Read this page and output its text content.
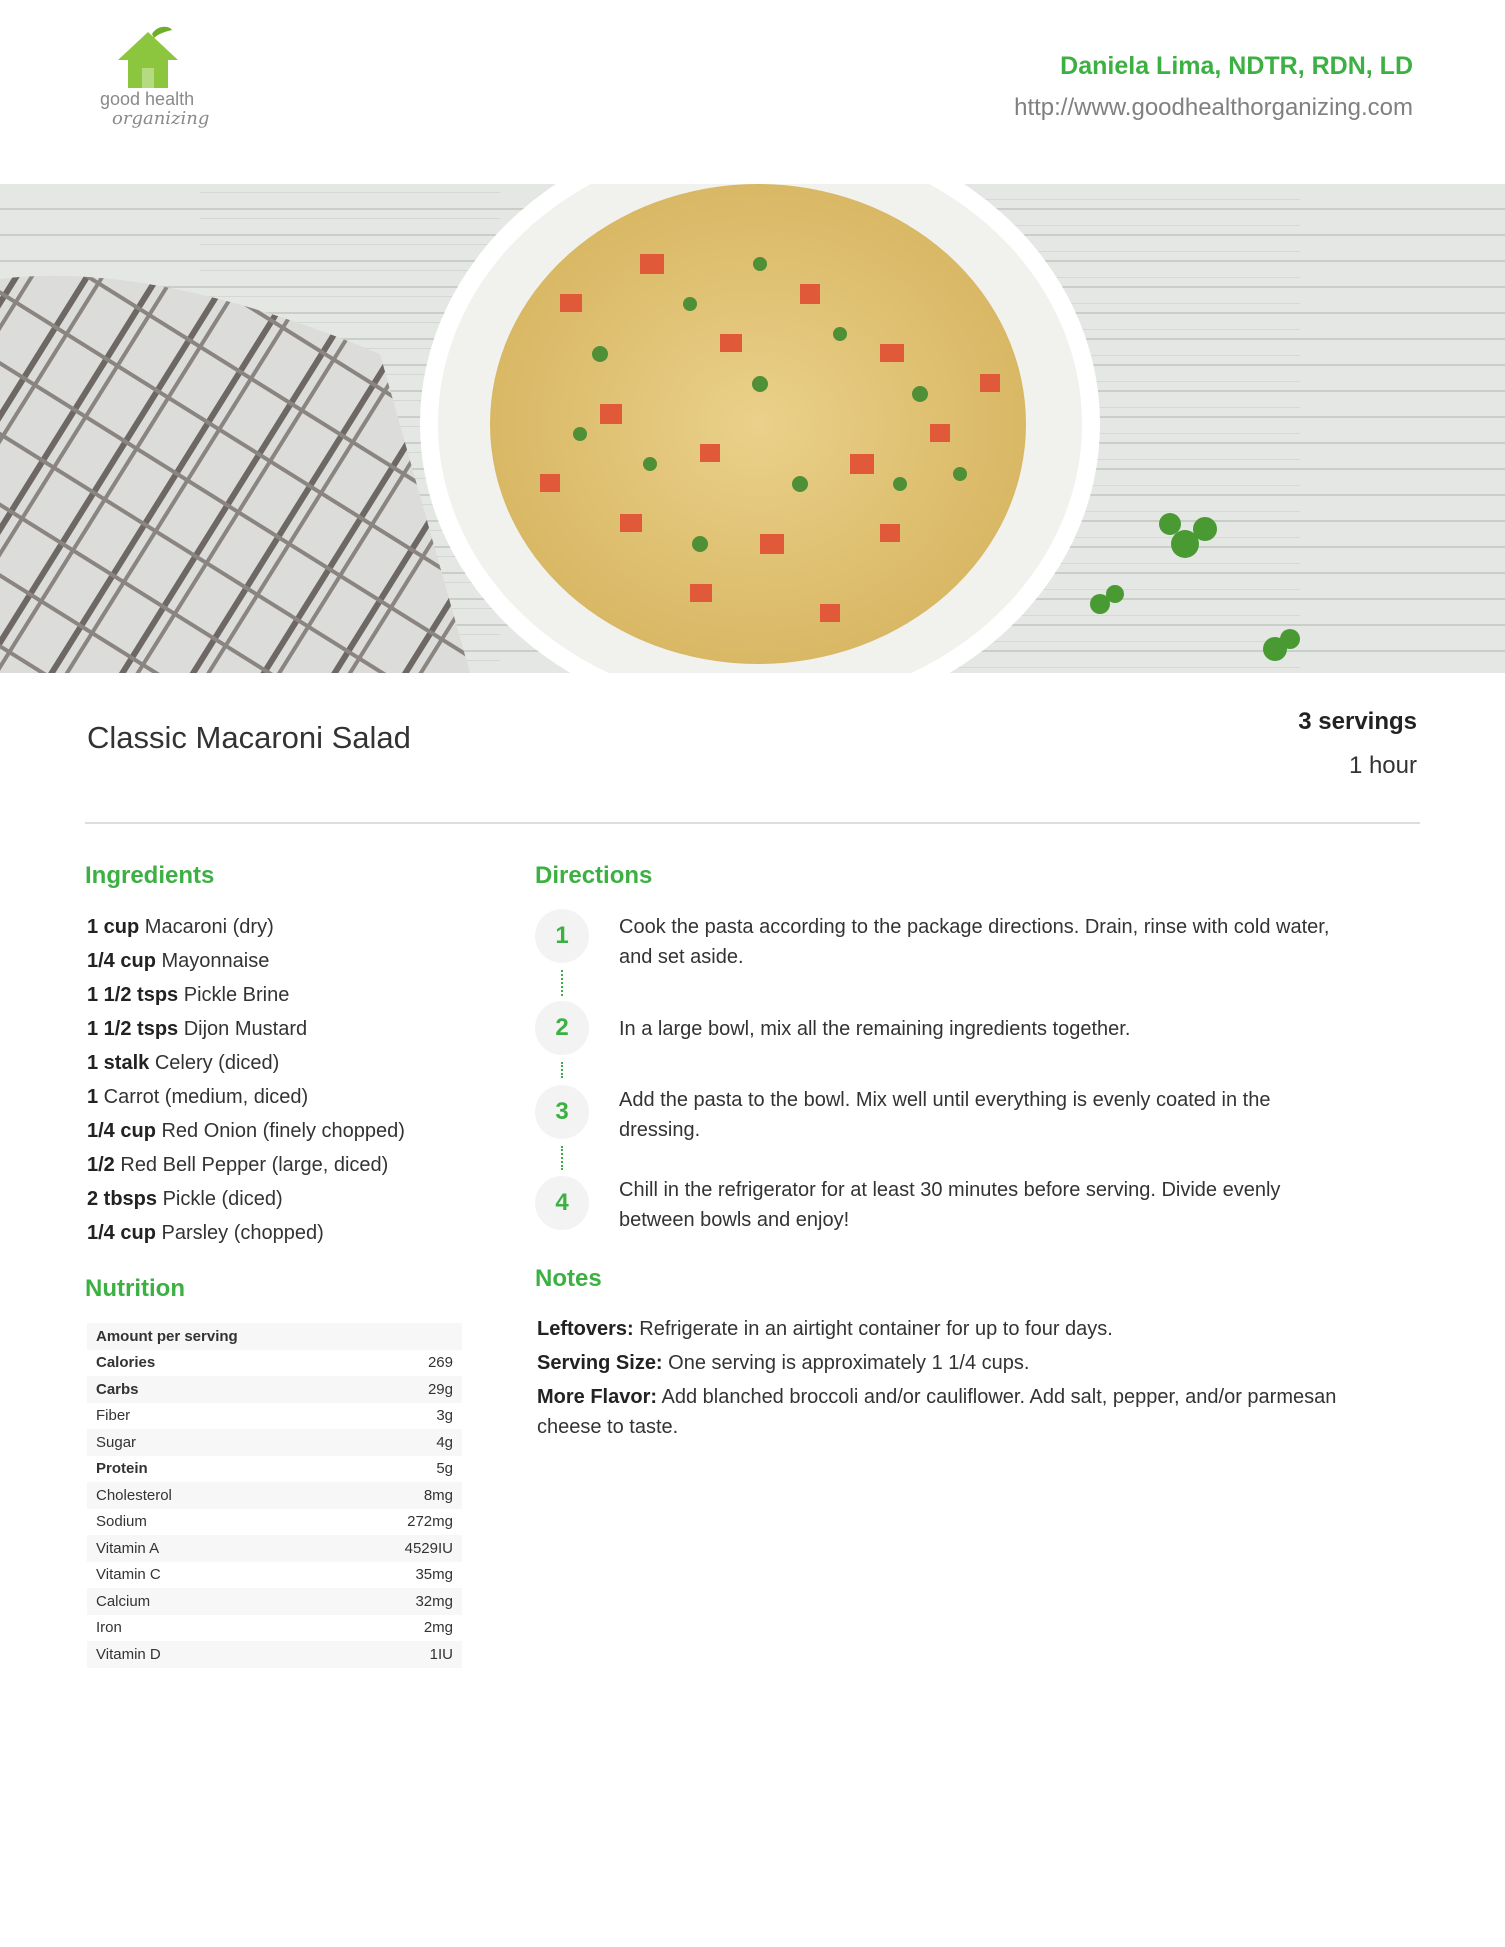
good health
organizing
Daniela Lima, NDTR, RDN, LD
http://www.goodhealthorganizing.com
Classic Macaroni Salad	3 servings
1 hour
Ingredients
1 cup Macaroni (dry)
1/4 cup Mayonnaise
1 1/2 tsps Pickle Brine
1 1/2 tsps Dijon Mustard
1 stalk Celery (diced)
1 Carrot (medium, diced)
1/4 cup Red Onion (finely chopped)
1/2 Red Bell Pepper (large, diced)
2 tbsps Pickle (diced)
1/4 cup Parsley (chopped)
Nutrition
Amount per serving	
Calories	269
Carbs	29g
Fiber	3g
Sugar	4g
Protein	5g
Cholesterol	8mg
Sodium	272mg
Vitamin A	4529IU
Vitamin C	35mg
Calcium	32mg
Iron	2mg
Vitamin D	1IU
Directions
1	Cook the pasta according to the package directions. Drain, rinse with cold water, and set aside.
2	In a large bowl, mix all the remaining ingredients together.
3	Add the pasta to the bowl. Mix well until everything is evenly coated in the dressing.
4	Chill in the refrigerator for at least 30 minutes before serving. Divide evenly between bowls and enjoy!
Notes

Leftovers: Refrigerate in an airtight container for up to four days.

Serving Size: One serving is approximately 1 1/4 cups.

More Flavor: Add blanched broccoli and/or cauliflower. Add salt, pepper, and/or parmesan cheese to taste.
